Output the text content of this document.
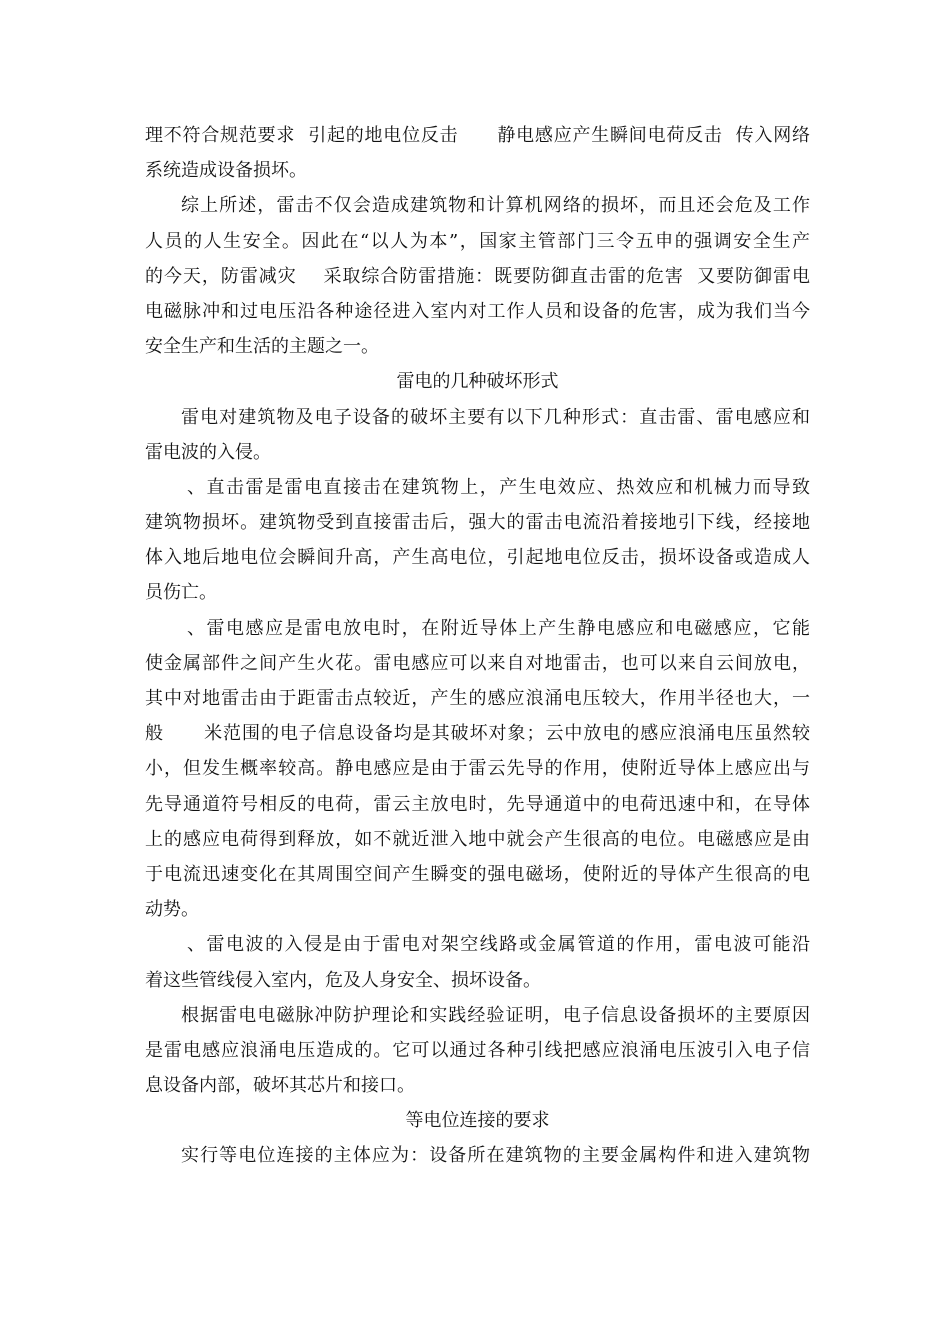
理不符合规范要求  引起的地电位反击      静电感应产生瞬间电荷反击  传入网络
系统造成设备损坏。
综上所述，雷击不仅会造成建筑物和计算机网络的损坏，而且还会危及工作
人员的人生安全。因此在“以人为本”，国家主管部门三令五申的强调安全生产
的今天，防雷减灾    采取综合防雷措施：既要防御直击雷的危害  又要防御雷电
电磁脉冲和过电压沿各种途径进入室内对工作人员和设备的危害，成为我们当今
安全生产和生活的主题之一。
雷电的几种破坏形式
雷电对建筑物及电子设备的破坏主要有以下几种形式：直击雷、雷电感应和
雷电波的入侵。
、直击雷是雷电直接击在建筑物上，产生电效应、热效应和机械力而导致
建筑物损坏。建筑物受到直接雷击后，强大的雷击电流沿着接地引下线，经接地
体入地后地电位会瞬间升高，产生高电位，引起地电位反击，损坏设备或造成人
员伤亡。
、雷电感应是雷电放电时，在附近导体上产生静电感应和电磁感应，它能
使金属部件之间产生火花。雷电感应可以来自对地雷击，也可以来自云间放电，
其中对地雷击由于距雷击点较近，产生的感应浪涌电压较大，作用半径也大，一
般      米范围的电子信息设备均是其破坏对象；云中放电的感应浪涌电压虽然较
小，但发生概率较高。静电感应是由于雷云先导的作用，使附近导体上感应出与
先导通道符号相反的电荷，雷云主放电时，先导通道中的电荷迅速中和，在导体
上的感应电荷得到释放，如不就近泄入地中就会产生很高的电位。电磁感应是由
于电流迅速变化在其周围空间产生瞬变的强电磁场，使附近的导体产生很高的电
动势。
、雷电波的入侵是由于雷电对架空线路或金属管道的作用，雷电波可能沿
着这些管线侵入室内，危及人身安全、损坏设备。
根据雷电电磁脉冲防护理论和实践经验证明，电子信息设备损坏的主要原因
是雷电感应浪涌电压造成的。它可以通过各种引线把感应浪涌电压波引入电子信
息设备内部，破坏其芯片和接口。
等电位连接的要求
实行等电位连接的主体应为：设备所在建筑物的主要金属构件和进入建筑物
